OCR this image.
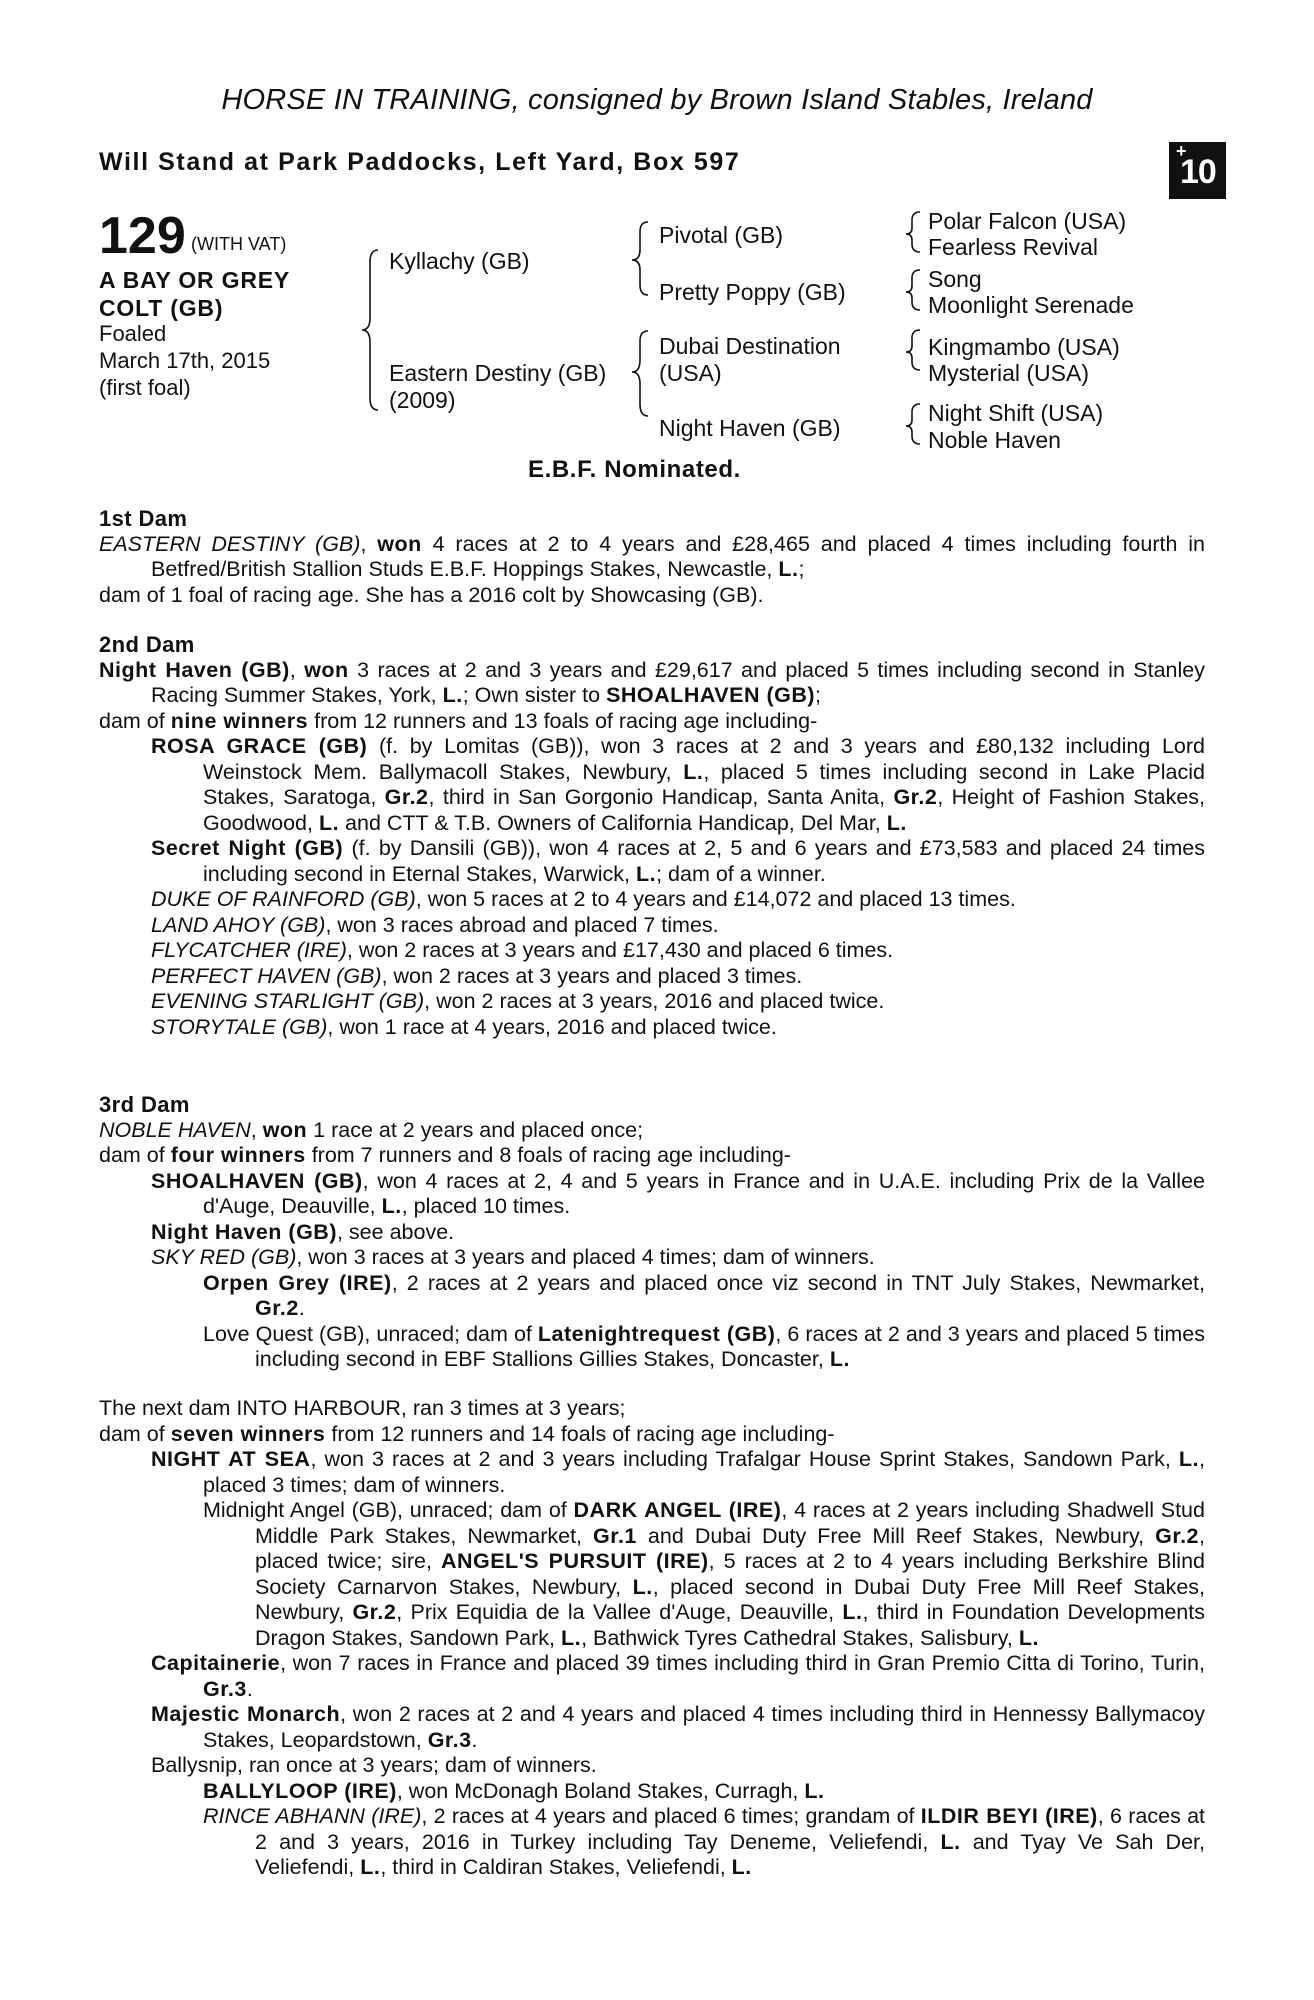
HORSE IN TRAINING, consigned by Brown Island Stables, Ireland
Will Stand at Park Paddocks, Left Yard, Box 597	+
10
129 (WITH VAT)
A BAY OR GREY
COLT (GB)
Foaled
March 17th, 2015
(first foal)
Kyllachy (GB)
Eastern Destiny (GB)
(2009)
Pivotal (GB)
Pretty Poppy (GB)
Dubai Destination
(USA)
Night Haven (GB)
Polar Falcon (USA)
Fearless Revival
Song
Moonlight Serenade
Kingmambo (USA)
Mysterial (USA)
Night Shift (USA)
Noble Haven
E.B.F. Nominated.

1st Dam

EASTERN DESTINY (GB), won 4 races at 2 to 4 years and £28,465 and placed 4 times including fourth in Betfred/British Stallion Studs E.B.F. Hoppings Stakes, Newcastle, L.;

dam of 1 foal of racing age. She has a 2016 colt by Showcasing (GB).

2nd Dam

Night Haven (GB), won 3 races at 2 and 3 years and £29,617 and placed 5 times including second in Stanley Racing Summer Stakes, York, L.; Own sister to SHOALHAVEN (GB);

dam of nine winners from 12 runners and 13 foals of racing age including-

ROSA GRACE (GB) (f. by Lomitas (GB)), won 3 races at 2 and 3 years and £80,132 including Lord Weinstock Mem. Ballymacoll Stakes, Newbury, L., placed 5 times including second in Lake Placid Stakes, Saratoga, Gr.2, third in San Gorgonio Handicap, Santa Anita, Gr.2, Height of Fashion Stakes, Goodwood, L. and CTT & T.B. Owners of California Handicap, Del Mar, L.

Secret Night (GB) (f. by Dansili (GB)), won 4 races at 2, 5 and 6 years and £73,583 and placed 24 times including second in Eternal Stakes, Warwick, L.; dam of a winner.

DUKE OF RAINFORD (GB), won 5 races at 2 to 4 years and £14,072 and placed 13 times.

LAND AHOY (GB), won 3 races abroad and placed 7 times.

FLYCATCHER (IRE), won 2 races at 3 years and £17,430 and placed 6 times.

PERFECT HAVEN (GB), won 2 races at 3 years and placed 3 times.

EVENING STARLIGHT (GB), won 2 races at 3 years, 2016 and placed twice.

STORYTALE (GB), won 1 race at 4 years, 2016 and placed twice.

3rd Dam

NOBLE HAVEN, won 1 race at 2 years and placed once;

dam of four winners from 7 runners and 8 foals of racing age including-

SHOALHAVEN (GB), won 4 races at 2, 4 and 5 years in France and in U.A.E. including Prix de la Vallee d'Auge, Deauville, L., placed 10 times.

Night Haven (GB), see above.

SKY RED (GB), won 3 races at 3 years and placed 4 times; dam of winners.

Orpen Grey (IRE), 2 races at 2 years and placed once viz second in TNT July Stakes, Newmarket, Gr.2.

Love Quest (GB), unraced; dam of Latenightrequest (GB), 6 races at 2 and 3 years and placed 5 times including second in EBF Stallions Gillies Stakes, Doncaster, L.

The next dam INTO HARBOUR, ran 3 times at 3 years;

dam of seven winners from 12 runners and 14 foals of racing age including-

NIGHT AT SEA, won 3 races at 2 and 3 years including Trafalgar House Sprint Stakes, Sandown Park, L., placed 3 times; dam of winners.

Midnight Angel (GB), unraced; dam of DARK ANGEL (IRE), 4 races at 2 years including Shadwell Stud Middle Park Stakes, Newmarket, Gr.1 and Dubai Duty Free Mill Reef Stakes, Newbury, Gr.2, placed twice; sire, ANGEL'S PURSUIT (IRE), 5 races at 2 to 4 years including Berkshire Blind Society Carnarvon Stakes, Newbury, L., placed second in Dubai Duty Free Mill Reef Stakes, Newbury, Gr.2, Prix Equidia de la Vallee d'Auge, Deauville, L., third in Foundation Developments Dragon Stakes, Sandown Park, L., Bathwick Tyres Cathedral Stakes, Salisbury, L.

Capitainerie, won 7 races in France and placed 39 times including third in Gran Premio Citta di Torino, Turin, Gr.3.

Majestic Monarch, won 2 races at 2 and 4 years and placed 4 times including third in Hennessy Ballymacoy Stakes, Leopardstown, Gr.3.

Ballysnip, ran once at 3 years; dam of winners.

BALLYLOOP (IRE), won McDonagh Boland Stakes, Curragh, L.

RINCE ABHANN (IRE), 2 races at 4 years and placed 6 times; grandam of ILDIR BEYI (IRE), 6 races at 2 and 3 years, 2016 in Turkey including Tay Deneme, Veliefendi, L. and Tyay Ve Sah Der, Veliefendi, L., third in Caldiran Stakes, Veliefendi, L.
